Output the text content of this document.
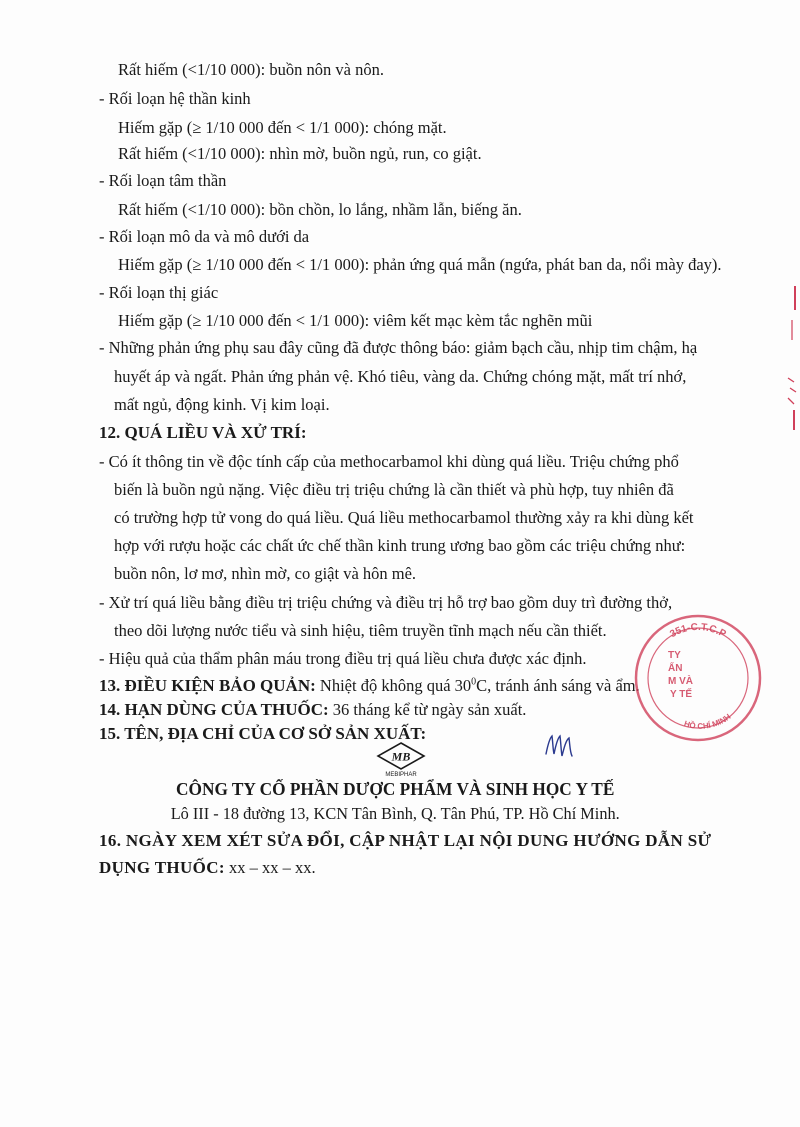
Rất hiếm (<1/10 000): buồn nôn và nôn.
- Rối loạn hệ thần kinh
Hiếm gặp (≥ 1/10 000 đến < 1/1 000): chóng mặt.
Rất hiếm (<1/10 000): nhìn mờ, buồn ngủ, run, co giật.
- Rối loạn tâm thần
Rất hiếm (<1/10 000): bồn chồn, lo lắng, nhầm lẫn, biếng ăn.
- Rối loạn mô da và mô dưới da
Hiếm gặp (≥ 1/10 000 đến < 1/1 000): phản ứng quá mẫn (ngứa, phát ban da, nổi mày đay).
- Rối loạn thị giác
Hiếm gặp (≥ 1/10 000 đến < 1/1 000): viêm kết mạc kèm tắc nghẽn mũi
- Những phản ứng phụ sau đây cũng đã được thông báo: giảm bạch cầu, nhịp tim chậm, hạ
huyết áp và ngất. Phản ứng phản vệ. Khó tiêu, vàng da. Chứng chóng mặt, mất trí nhớ,
mất ngủ, động kinh. Vị kim loại.
12. QUÁ LIỀU VÀ XỬ TRÍ:
- Có ít thông tin về độc tính cấp của methocarbamol khi dùng quá liều. Triệu chứng phổ
biến là buồn ngủ nặng. Việc điều trị triệu chứng là cần thiết và phù hợp, tuy nhiên đã
có trường hợp tử vong do quá liều. Quá liều methocarbamol thường xảy ra khi dùng kết
hợp với rượu hoặc các chất ức chế thần kinh trung ương bao gồm các triệu chứng như:
buồn nôn, lơ mơ, nhìn mờ, co giật và hôn mê.
- Xử trí quá liều bằng điều trị triệu chứng và điều trị hỗ trợ bao gồm duy trì đường thở,
theo dõi lượng nước tiểu và sinh hiệu, tiêm truyền tĩnh mạch nếu cần thiết.
- Hiệu quả của thẩm phân máu trong điều trị quá liều chưa được xác định.
13. ĐIỀU KIỆN BẢO QUẢN: Nhiệt độ không quá $30^0C$, tránh ánh sáng và ẩm.
14. HẠN DÙNG CỦA THUỐC: 36 tháng kể từ ngày sản xuất.
15. TÊN, ĐỊA CHỈ CỦA CƠ SỞ SẢN XUẤT:
MB
MEBIPHAR
CÔNG TY CỔ PHẦN DƯỢC PHẨM VÀ SINH HỌC Y TẾ
Lô III - 18 đường 13, KCN Tân Bình, Q. Tân Phú, TP. Hồ Chí Minh.
16. NGÀY XEM XÉT SỬA ĐỔI, CẬP NHẬT LẠI NỘI DUNG HƯỚNG DẪN SỬ
DỤNG THUỐC: xx – xx – xx.
351-C.T.C.P
TY
ẨN
M VÀ
Y TẾ
HỒ CHÍ MINH
